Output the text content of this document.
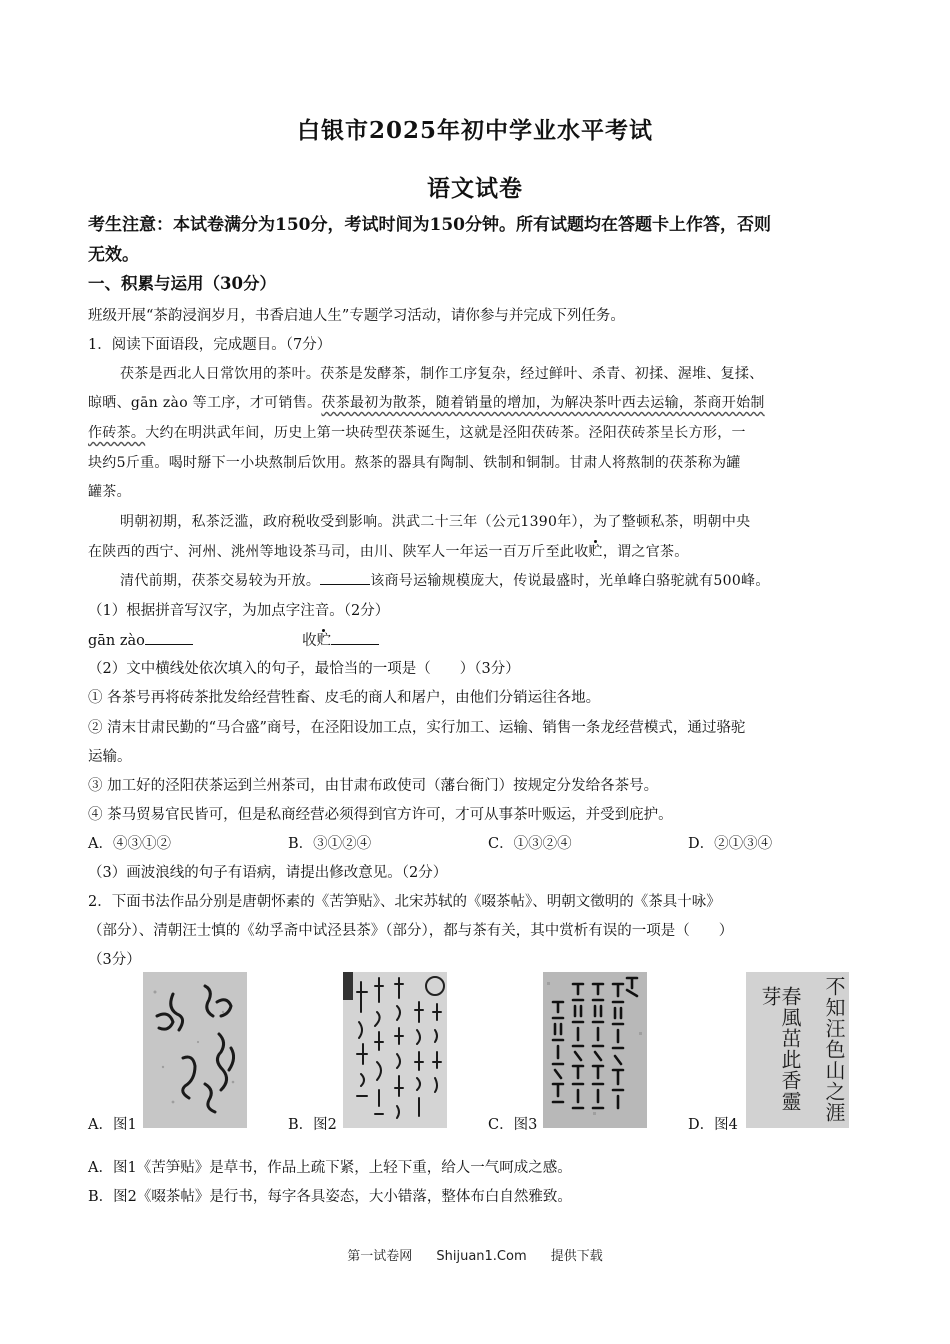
白银市2025年初中学业水平考试
语文试卷
考生注意：本试卷满分为150分，考试时间为150分钟。所有试题均在答题卡上作答，否则
无效。
一、积累与运用（30分）
班级开展“茶韵浸润岁月，书香启迪人生”专题学习活动，请你参与并完成下列任务。
1．阅读下面语段，完成题目。（7分）
茯茶是西北人日常饮用的茶叶。茯茶是发酵茶，制作工序复杂，经过鲜叶、杀青、初揉、渥堆、复揉、
晾晒、gān zào 等工序，才可销售。茯茶最初为散茶，随着销量的增加，为解决茶叶西去运输，茶商开始制
作砖茶。大约在明洪武年间，历史上第一块砖型茯茶诞生，这就是泾阳茯砖茶。泾阳茯砖茶呈长方形，一
块约5斤重。喝时掰下一小块熬制后饮用。熬茶的器具有陶制、铁制和铜制。甘肃人将熬制的茯茶称为罐
罐茶。
明朝初期，私茶泛滥，政府税收受到影响。洪武二十三年（公元1390年），为了整顿私茶，明朝中央
在陕西的西宁、河州、洮州等地设茶马司，由川、陕军人一年运一百万斤至此收贮，谓之官茶。
清代前期，茯茶交易较为开放。	该商号运输规模庞大，传说最盛时，光单峰白骆驼就有500峰。
（1）根据拼音写汉字，为加点字注音。（2分）
gān zào	收贮
（2）文中横线处依次填入的句子，最恰当的一项是（　　）（3分）
① 各茶号再将砖茶批发给经营牲畜、皮毛的商人和屠户，由他们分销运往各地。
② 清末甘肃民勤的“马合盛”商号，在泾阳设加工点，实行加工、运输、销售一条龙经营模式，通过骆驼
运输。
③ 加工好的泾阳茯茶运到兰州茶司，由甘肃布政使司（藩台衙门）按规定分发给各茶号。
④ 茶马贸易官民皆可，但是私商经营必须得到官方许可，才可从事茶叶贩运，并受到庇护。
A．④③①②	B．③①②④	C．①③②④	D．②①③④
（3）画波浪线的句子有语病，请提出修改意见。（2分）
2．下面书法作品分别是唐朝怀素的《苦笋贴》、北宋苏轼的《啜茶帖》、明朝文徵明的《茶具十咏》
（部分）、清朝汪士慎的《幼孚斋中试泾县茶》（部分），都与茶有关，其中赏析有误的一项是（　　）
（3分）
A．图1	B．图2	C．图3
不知汪色山之涯
春風茁此香靈芽
D．图4
A．图1《苦笋贴》是草书，作品上疏下紧，上轻下重，给人一气呵成之感。
B．图2《啜茶帖》是行书，每字各具姿态，大小错落，整体布白自然雅致。
第一试卷网 Shijuan1.Com 提供下载
